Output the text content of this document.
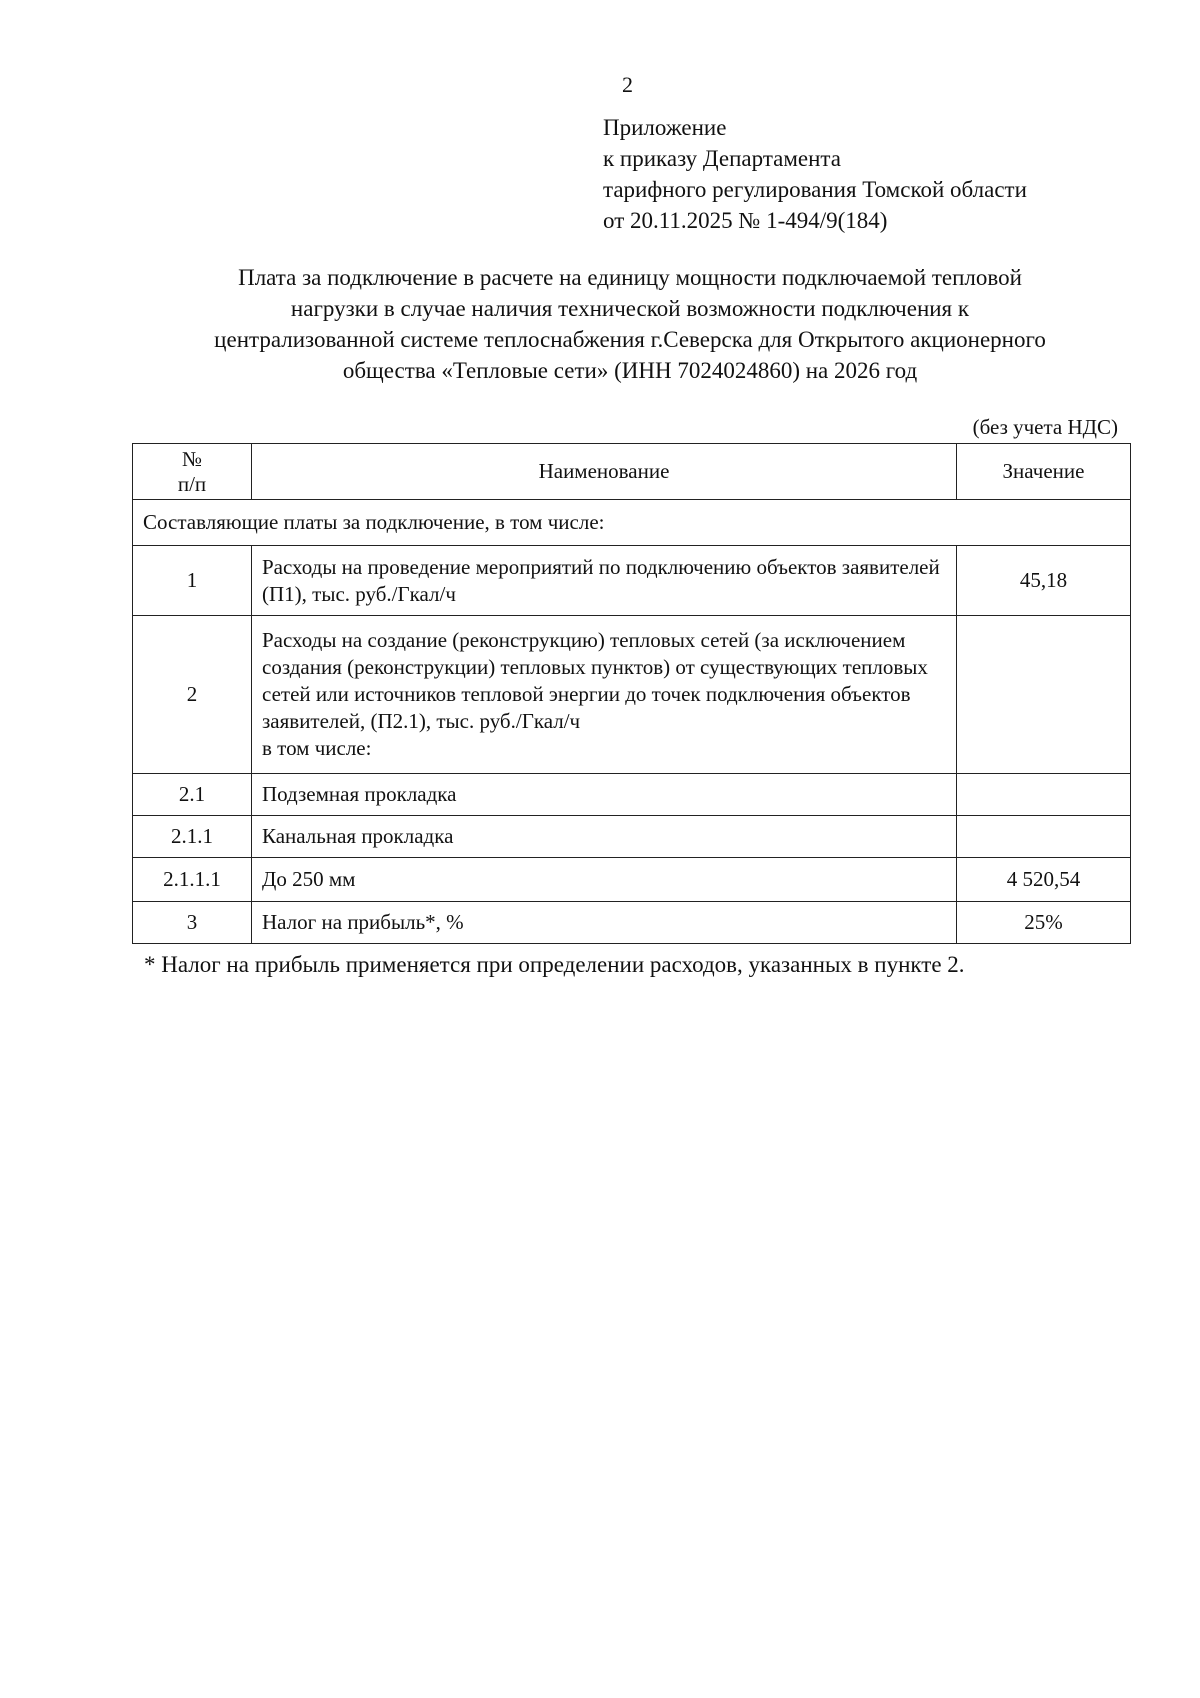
2
Приложение
к приказу Департамента
тарифного регулирования Томской области
от 20.11.2025 № 1-494/9(184)
Плата за подключение в расчете на единицу мощности подключаемой тепловой
нагрузки в случае наличия технической возможности подключения к
централизованной системе теплоснабжения г.Северска для Открытого акционерного
общества «Тепловые сети» (ИНН 7024024860) на 2026 год
(без учета НДС)
№
п/п	Наименование	Значение
Составляющие платы за подключение, в том числе:		
1	Расходы на проведение мероприятий по подключению объектов заявителей (П1), тыс. руб./Гкал/ч	45,18
2	Расходы на создание (реконструкцию) тепловых сетей (за исключением создания (реконструкции) тепловых пунктов) от существующих тепловых сетей или источников тепловой энергии до точек подключения объектов заявителей, (П2.1), тыс. руб./Гкал/ч
в том числе:	
2.1	Подземная прокладка	
2.1.1	Канальная прокладка	
2.1.1.1	До 250 мм	4 520,54
3	Налог на прибыль*, %	25%
* Налог на прибыль применяется при определении расходов, указанных в пункте 2.
